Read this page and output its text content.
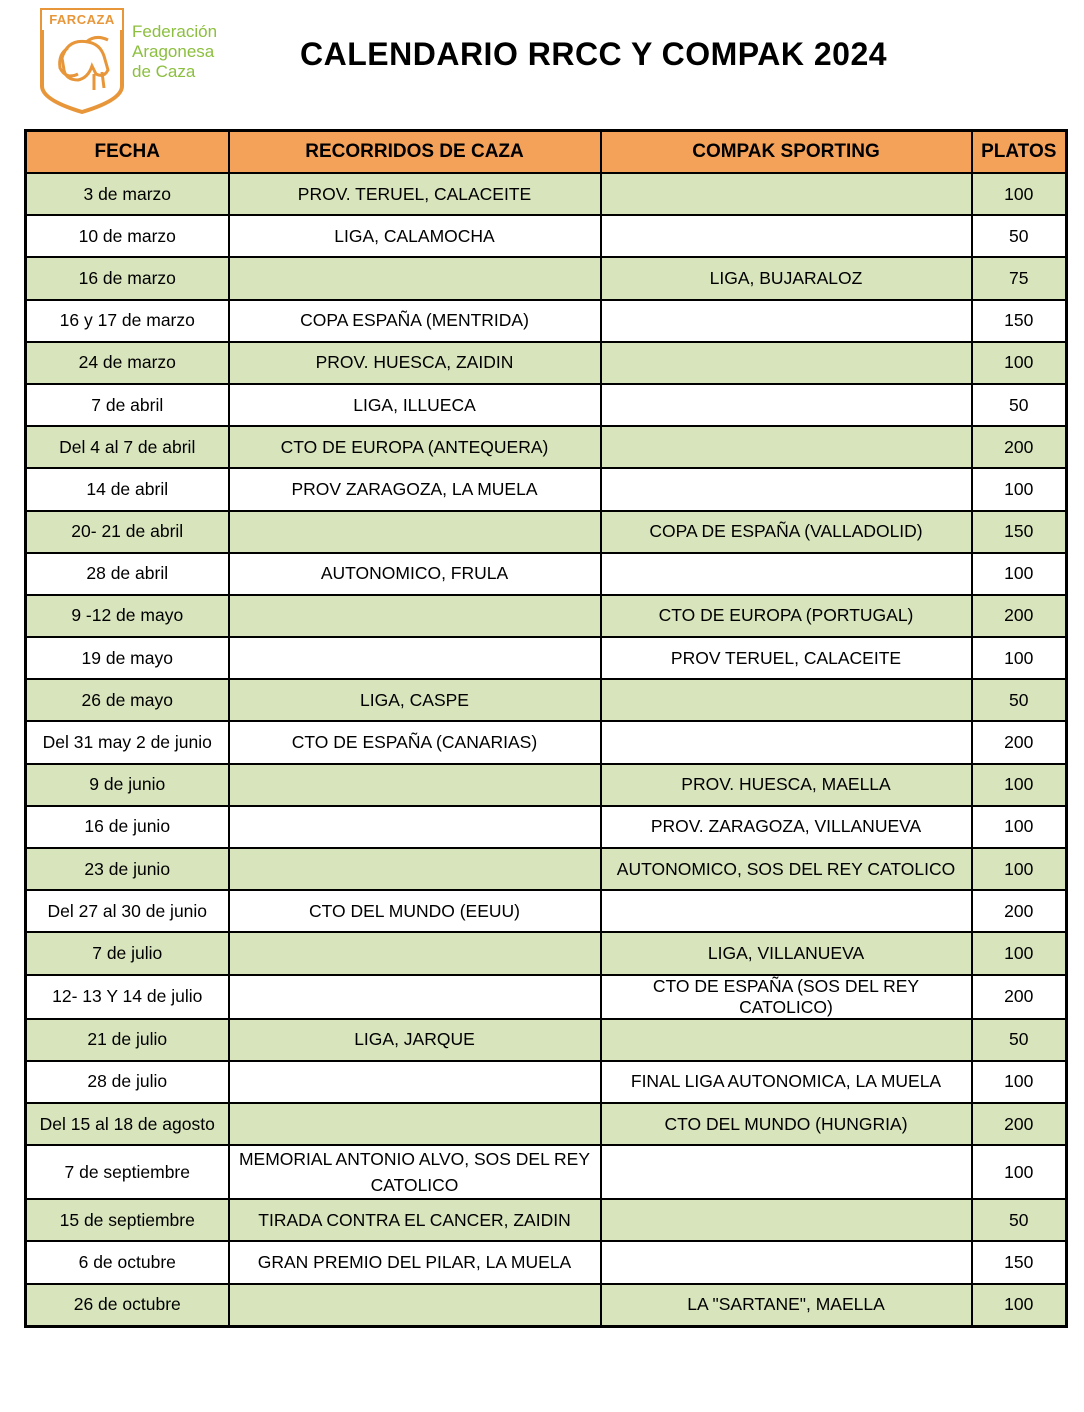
FARCAZA
Federación
Aragonesa
de Caza	CALENDARIO RRCC Y COMPAK 2024
FECHA	RECORRIDOS DE CAZA	COMPAK SPORTING	PLATOS
3 de marzo	PROV. TERUEL, CALACEITE		100
10 de marzo	LIGA, CALAMOCHA		50
16 de marzo		LIGA, BUJARALOZ	75
16 y 17 de marzo	COPA ESPAÑA (MENTRIDA)		150
24 de marzo	PROV. HUESCA, ZAIDIN		100
7 de abril	LIGA, ILLUECA		50
Del 4 al 7 de abril	CTO DE EUROPA (ANTEQUERA)		200
14 de abril	PROV ZARAGOZA, LA MUELA		100
20- 21 de abril		COPA DE ESPAÑA (VALLADOLID)	150
28 de abril	AUTONOMICO, FRULA		100
9 -12 de mayo		CTO DE EUROPA (PORTUGAL)	200
19 de mayo		PROV TERUEL, CALACEITE	100
26 de mayo	LIGA, CASPE		50
Del 31 may 2 de junio	CTO DE ESPAÑA (CANARIAS)		200
9 de junio		PROV. HUESCA, MAELLA	100
16 de junio		PROV. ZARAGOZA, VILLANUEVA	100
23 de junio		AUTONOMICO, SOS DEL REY CATOLICO	100
Del 27 al 30 de junio	CTO DEL MUNDO (EEUU)		200
7 de julio		LIGA, VILLANUEVA	100
12- 13 Y 14 de julio		CTO DE ESPAÑA (SOS DEL REY CATOLICO)	200
21 de julio	LIGA, JARQUE		50
28 de julio		FINAL LIGA AUTONOMICA, LA MUELA	100
Del 15 al 18 de agosto		CTO DEL MUNDO (HUNGRIA)	200
7 de septiembre	MEMORIAL ANTONIO ALVO, SOS DEL REY CATOLICO		100
15 de septiembre	TIRADA CONTRA EL CANCER, ZAIDIN		50
6 de octubre	GRAN PREMIO DEL PILAR, LA MUELA		150
26 de octubre		LA "SARTANE", MAELLA	100
